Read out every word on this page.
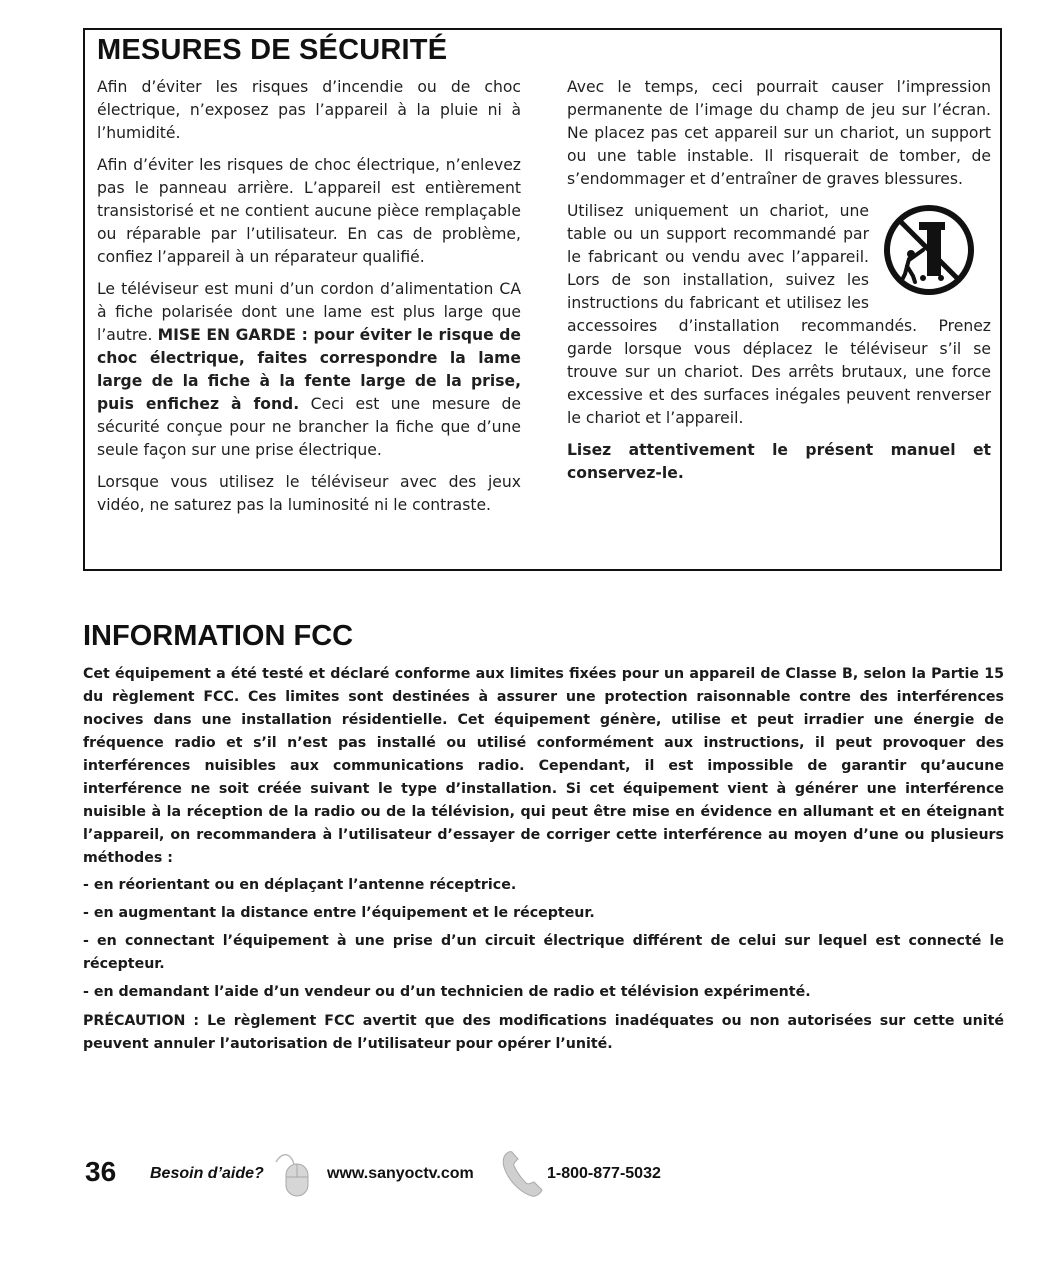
MESURES DE SÉCURITÉ

Afin d’éviter les risques d’incendie ou de choc électrique, n’exposez pas l’appareil à la pluie ni à l’humidité.

Afin d’éviter les risques de choc électrique, n’enlevez pas le panneau arrière. L’appareil est entièrement transistorisé et ne contient aucune pièce remplaçable ou réparable par l’utilisateur. En cas de problème, confiez l’appareil à un réparateur qualifié.

Le téléviseur est muni d’un cordon d’alimentation CA à fiche polarisée dont une lame est plus large que l’autre. MISE EN GARDE : pour éviter le risque de choc électrique, faites correspondre la lame large de la fiche à la fente large de la prise, puis enfichez à fond. Ceci est une mesure de sécurité conçue pour ne brancher la fiche que d’une seule façon sur une prise électrique.

Lorsque vous utilisez le téléviseur avec des jeux vidéo, ne saturez pas la luminosité ni le contraste.

Avec le temps, ceci pourrait causer l’impression permanente de l’image du champ de jeu sur l’écran. Ne placez pas cet appareil sur un chariot, un support ou une table instable. Il risquerait de tomber, de s’endommager et d’entraîner de graves blessures.

Utilisez uniquement un chariot, une table ou un support recommandé par le fabricant ou vendu avec l’appareil. Lors de son installation, suivez les instructions du fabricant et utilisez les accessoires d’installation recommandés. Prenez garde lorsque vous déplacez le téléviseur s’il se trouve sur un chariot. Des arrêts brutaux, une force excessive et des surfaces inégales peuvent renverser le chariot et l’appareil.

Lisez attentivement le présent manuel et conservez-le.

INFORMATION FCC

Cet équipement a été testé et déclaré conforme aux limites fixées pour un appareil de Classe B, selon la Partie 15 du règlement FCC. Ces limites sont destinées à assurer une protection raisonnable contre des interférences nocives dans une installation résidentielle. Cet équipement génère, utilise et peut irradier une énergie de fréquence radio et s’il n’est pas installé ou utilisé conformément aux instructions, il peut provoquer des interférences nuisibles aux communications radio. Cependant, il est impossible de garantir qu’aucune interférence ne soit créée suivant le type d’installation. Si cet équipement vient à générer une interférence nuisible à la réception de la radio ou de la télévision, qui peut être mise en évidence en allumant et en éteignant l’appareil, on recommandera à l’utilisateur d’essayer de corriger cette interférence au moyen d’une ou plusieurs méthodes :

- en réorientant ou en déplaçant l’antenne réceptrice.

- en augmentant la distance entre l’équipement et le récepteur.

- en connectant l’équipement à une prise d’un circuit électrique différent de celui sur lequel est connecté le récepteur.

- en demandant l’aide d’un vendeur ou d’un technicien de radio et télévision expérimenté.

PRÉCAUTION : Le règlement FCC avertit que des modifications inadéquates ou non autorisées sur cette unité peuvent annuler l’autorisation de l’utilisateur pour opérer l’unité.

36 Besoin d’aide?	www.sanyoctv.com	1-800-877-5032
